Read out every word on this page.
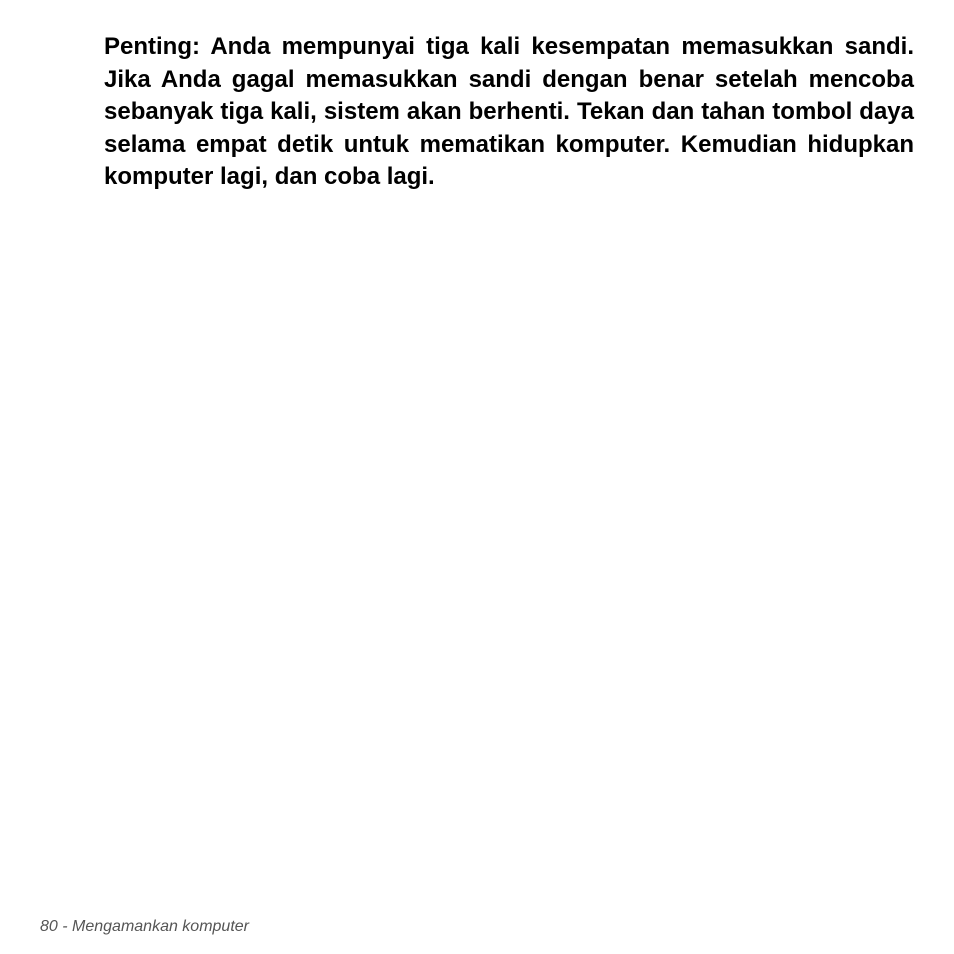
Penting: Anda mempunyai tiga kali kesempatan memasukkan sandi. Jika Anda gagal memasukkan sandi dengan benar setelah mencoba sebanyak tiga kali, sistem akan berhenti. Tekan dan tahan tombol daya selama empat detik untuk mematikan komputer. Kemudian hidupkan komputer lagi, dan coba lagi.

80 - Mengamankan komputer
